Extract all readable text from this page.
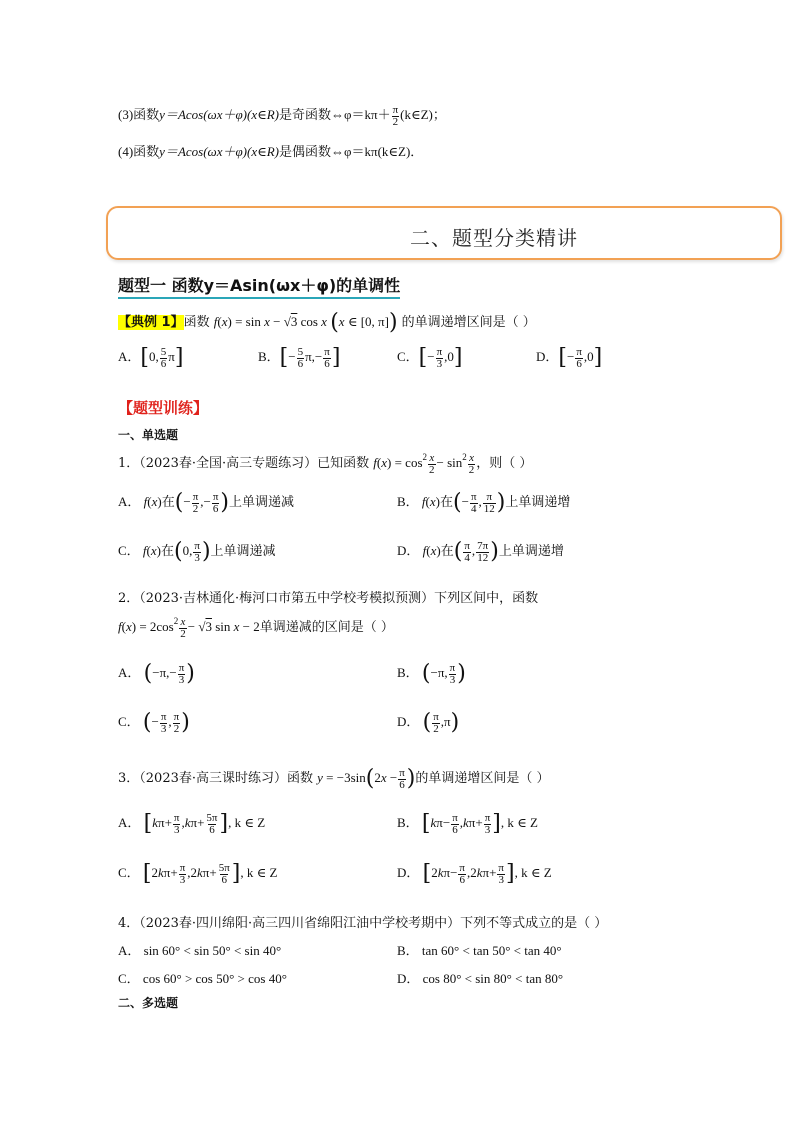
(3)函数y＝Acos(ωx＋φ)(x∈R)是奇函数⇔φ＝kπ＋ $\frac{\pi}{2}$ (k∈Z)；
(4)函数y＝Acos(ωx＋φ)(x∈R)是偶函数⇔φ＝kπ(k∈Z)．
二、题型分类精讲
题型一 函数y＝Asin(ωx＋φ)的单调性
【典例 1】函数 f(x) = sin x − √3 cos x (x ∈ [0, π]) 的单调递增区间是（ ）
A．[0, $\frac{5}{6} \pi$]	B．[− $\frac{5}{6} \pi,- \frac{\pi}{6}$ ]	C．[− $\frac{\pi}{3} ,0$]	D．[− $\frac{\pi}{6} ,0$]
【题型训练】
一、单选题
1．（2023春·全国·高三专题练习）已知函数 $f(x) = \cos^2 \frac{x}{2} - \sin^2 \frac{x}{2}$ ，则（ ）
A． f(x)在(− $\frac{\pi}{2}$ ,− $\frac{\pi}{6}$ )上单调递减	B． f(x)在(− $\frac{\pi}{4}$ , $\frac{\pi}{12}$ )上单调递增
C． f(x)在(0, $\frac{\pi}{3}$ )上单调递减	D． f(x)在( $\frac{\pi}{4}$ , $\frac{7\pi}{12}$ )上单调递增
2．（2023·吉林通化·梅河口市第五中学校考模拟预测）下列区间中，函数
$f(x) = 2\cos^2 \frac{x}{2} - √3$ sin x − 2单调递减的区间是（ ）
A． ($-\pi,- \frac{\pi}{3}$ )	B． (−π, $\frac{\pi}{3}$ )
C． (− $\frac{\pi}{3}$ , $\frac{\pi}{2}$ )	D． ( $\frac{\pi}{2} ,\pi$)
3．（2023春·高三课时练习）函数 $y = -3\sin(2x - \frac{\pi}{6}$ )的单调递增区间是（ ）
A． [$k\pi+ \frac{\pi}{3} ,k\pi+ \frac{5\pi}{6}$ ], k ∈ Z	B． [$k\pi- \frac{\pi}{6} ,k\pi+ \frac{\pi}{3}$ ], k ∈ Z
C． [$2k\pi+ \frac{\pi}{3} ,2k\pi+ \frac{5\pi}{6}$ ], k ∈ Z	D． [$2k\pi- \frac{\pi}{6} ,2k\pi+ \frac{\pi}{3}$ ], k ∈ Z
4．（2023春·四川绵阳·高三四川省绵阳江油中学校考期中）下列不等式成立的是（ ）
A． sin 60° < sin 50° < sin 40°	B． tan 60° < tan 50° < tan 40°
C． cos 60° > cos 50° > cos 40°	D． cos 80° < sin 80° < tan 80°
二、多选题
